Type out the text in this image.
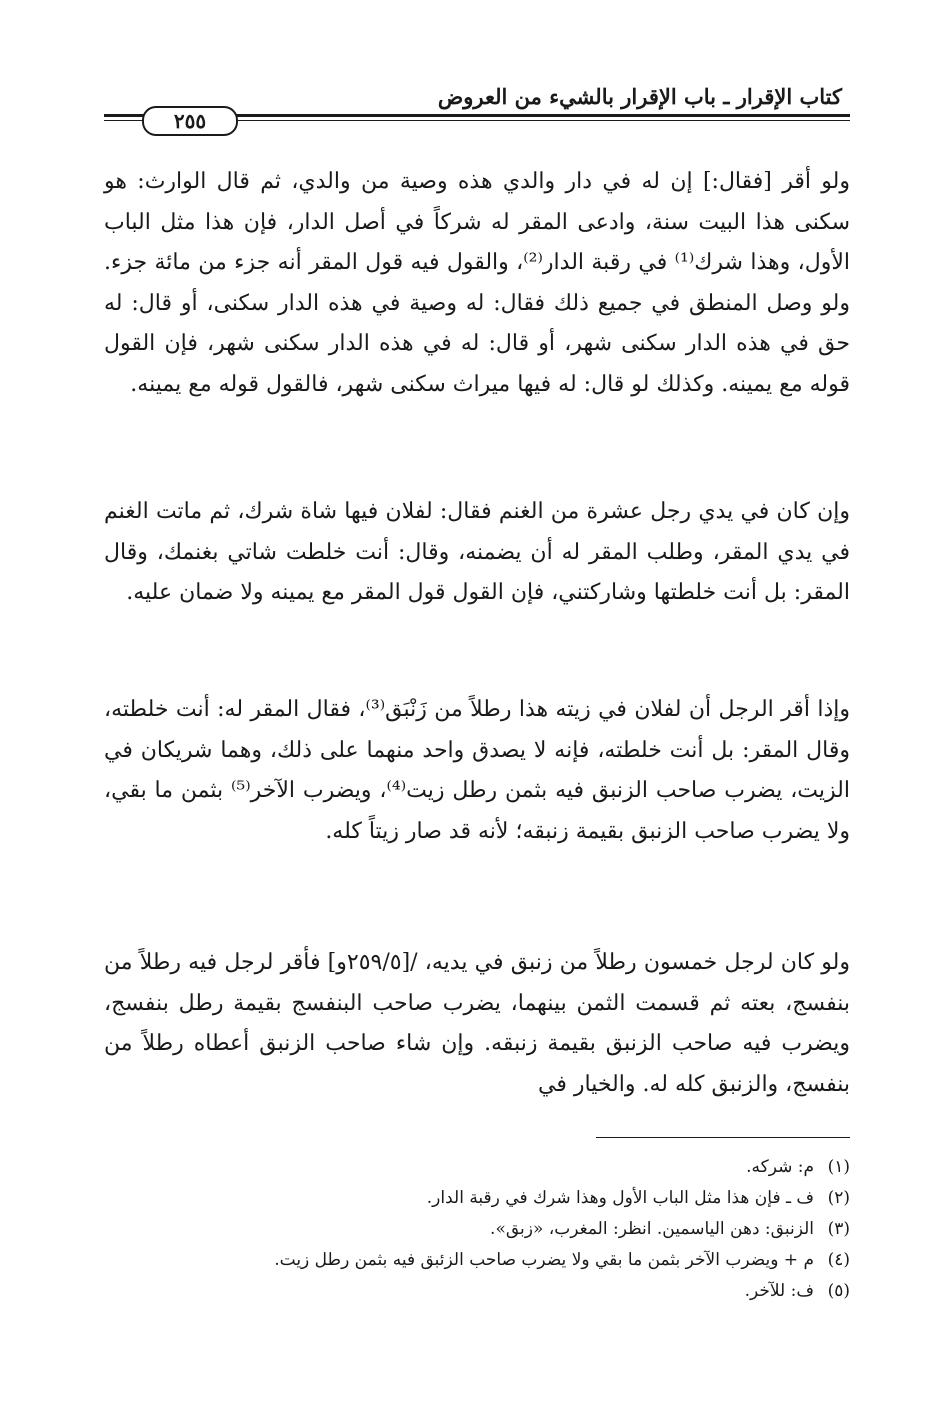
كتاب الإقرار ـ باب الإقرار بالشيء من العروض
٢٥٥
ولو أقر [فقال:] إن له في دار والدي هذه وصية من والدي، ثم قال الوارث: هو سكنى هذا البيت سنة، وادعى المقر له شركاً في أصل الدار، فإن هذا مثل الباب الأول، وهذا شرك⁽¹⁾ في رقبة الدار⁽²⁾، والقول فيه قول المقر أنه جزء من مائة جزء. ولو وصل المنطق في جميع ذلك فقال: له وصية في هذه الدار سكنى، أو قال: له حق في هذه الدار سكنى شهر، أو قال: له في هذه الدار سكنى شهر، فإن القول قوله مع يمينه. وكذلك لو قال: له فيها ميراث سكنى شهر، فالقول قوله مع يمينه.
وإن كان في يدي رجل عشرة من الغنم فقال: لفلان فيها شاة شرك، ثم ماتت الغنم في يدي المقر، وطلب المقر له أن يضمنه، وقال: أنت خلطت شاتي بغنمك، وقال المقر: بل أنت خلطتها وشاركتني، فإن القول قول المقر مع يمينه ولا ضمان عليه.
وإذا أقر الرجل أن لفلان في زيته هذا رطلاً من زَنْبَق⁽³⁾، فقال المقر له: أنت خلطته، وقال المقر: بل أنت خلطته، فإنه لا يصدق واحد منهما على ذلك، وهما شريكان في الزيت، يضرب صاحب الزنبق فيه بثمن رطل زيت⁽⁴⁾، ويضرب الآخر⁽⁵⁾ بثمن ما بقي، ولا يضرب صاحب الزنبق بقيمة زنبقه؛ لأنه قد صار زيتاً كله.
ولو كان لرجل خمسون رطلاً من زنبق في يديه، /[٢٥٩/٥و] فأقر لرجل فيه رطلاً من بنفسج، بعته ثم قسمت الثمن بينهما، يضرب صاحب البنفسج بقيمة رطل بنفسج، ويضرب فيه صاحب الزنبق بقيمة زنبقه. وإن شاء صاحب الزنبق أعطاه رطلاً من بنفسج، والزنبق كله له. والخيار في
(١)م: شركه.
(٢)ف ـ فإن هذا مثل الباب الأول وهذا شرك في رقبة الدار.
(٣)الزنبق: دهن الياسمين. انظر: المغرب، «زبق».
(٤)م + ويضرب الآخر بثمن ما بقي ولا يضرب صاحب الزئبق فيه بثمن رطل زيت.
(٥)ف: للآخر.
